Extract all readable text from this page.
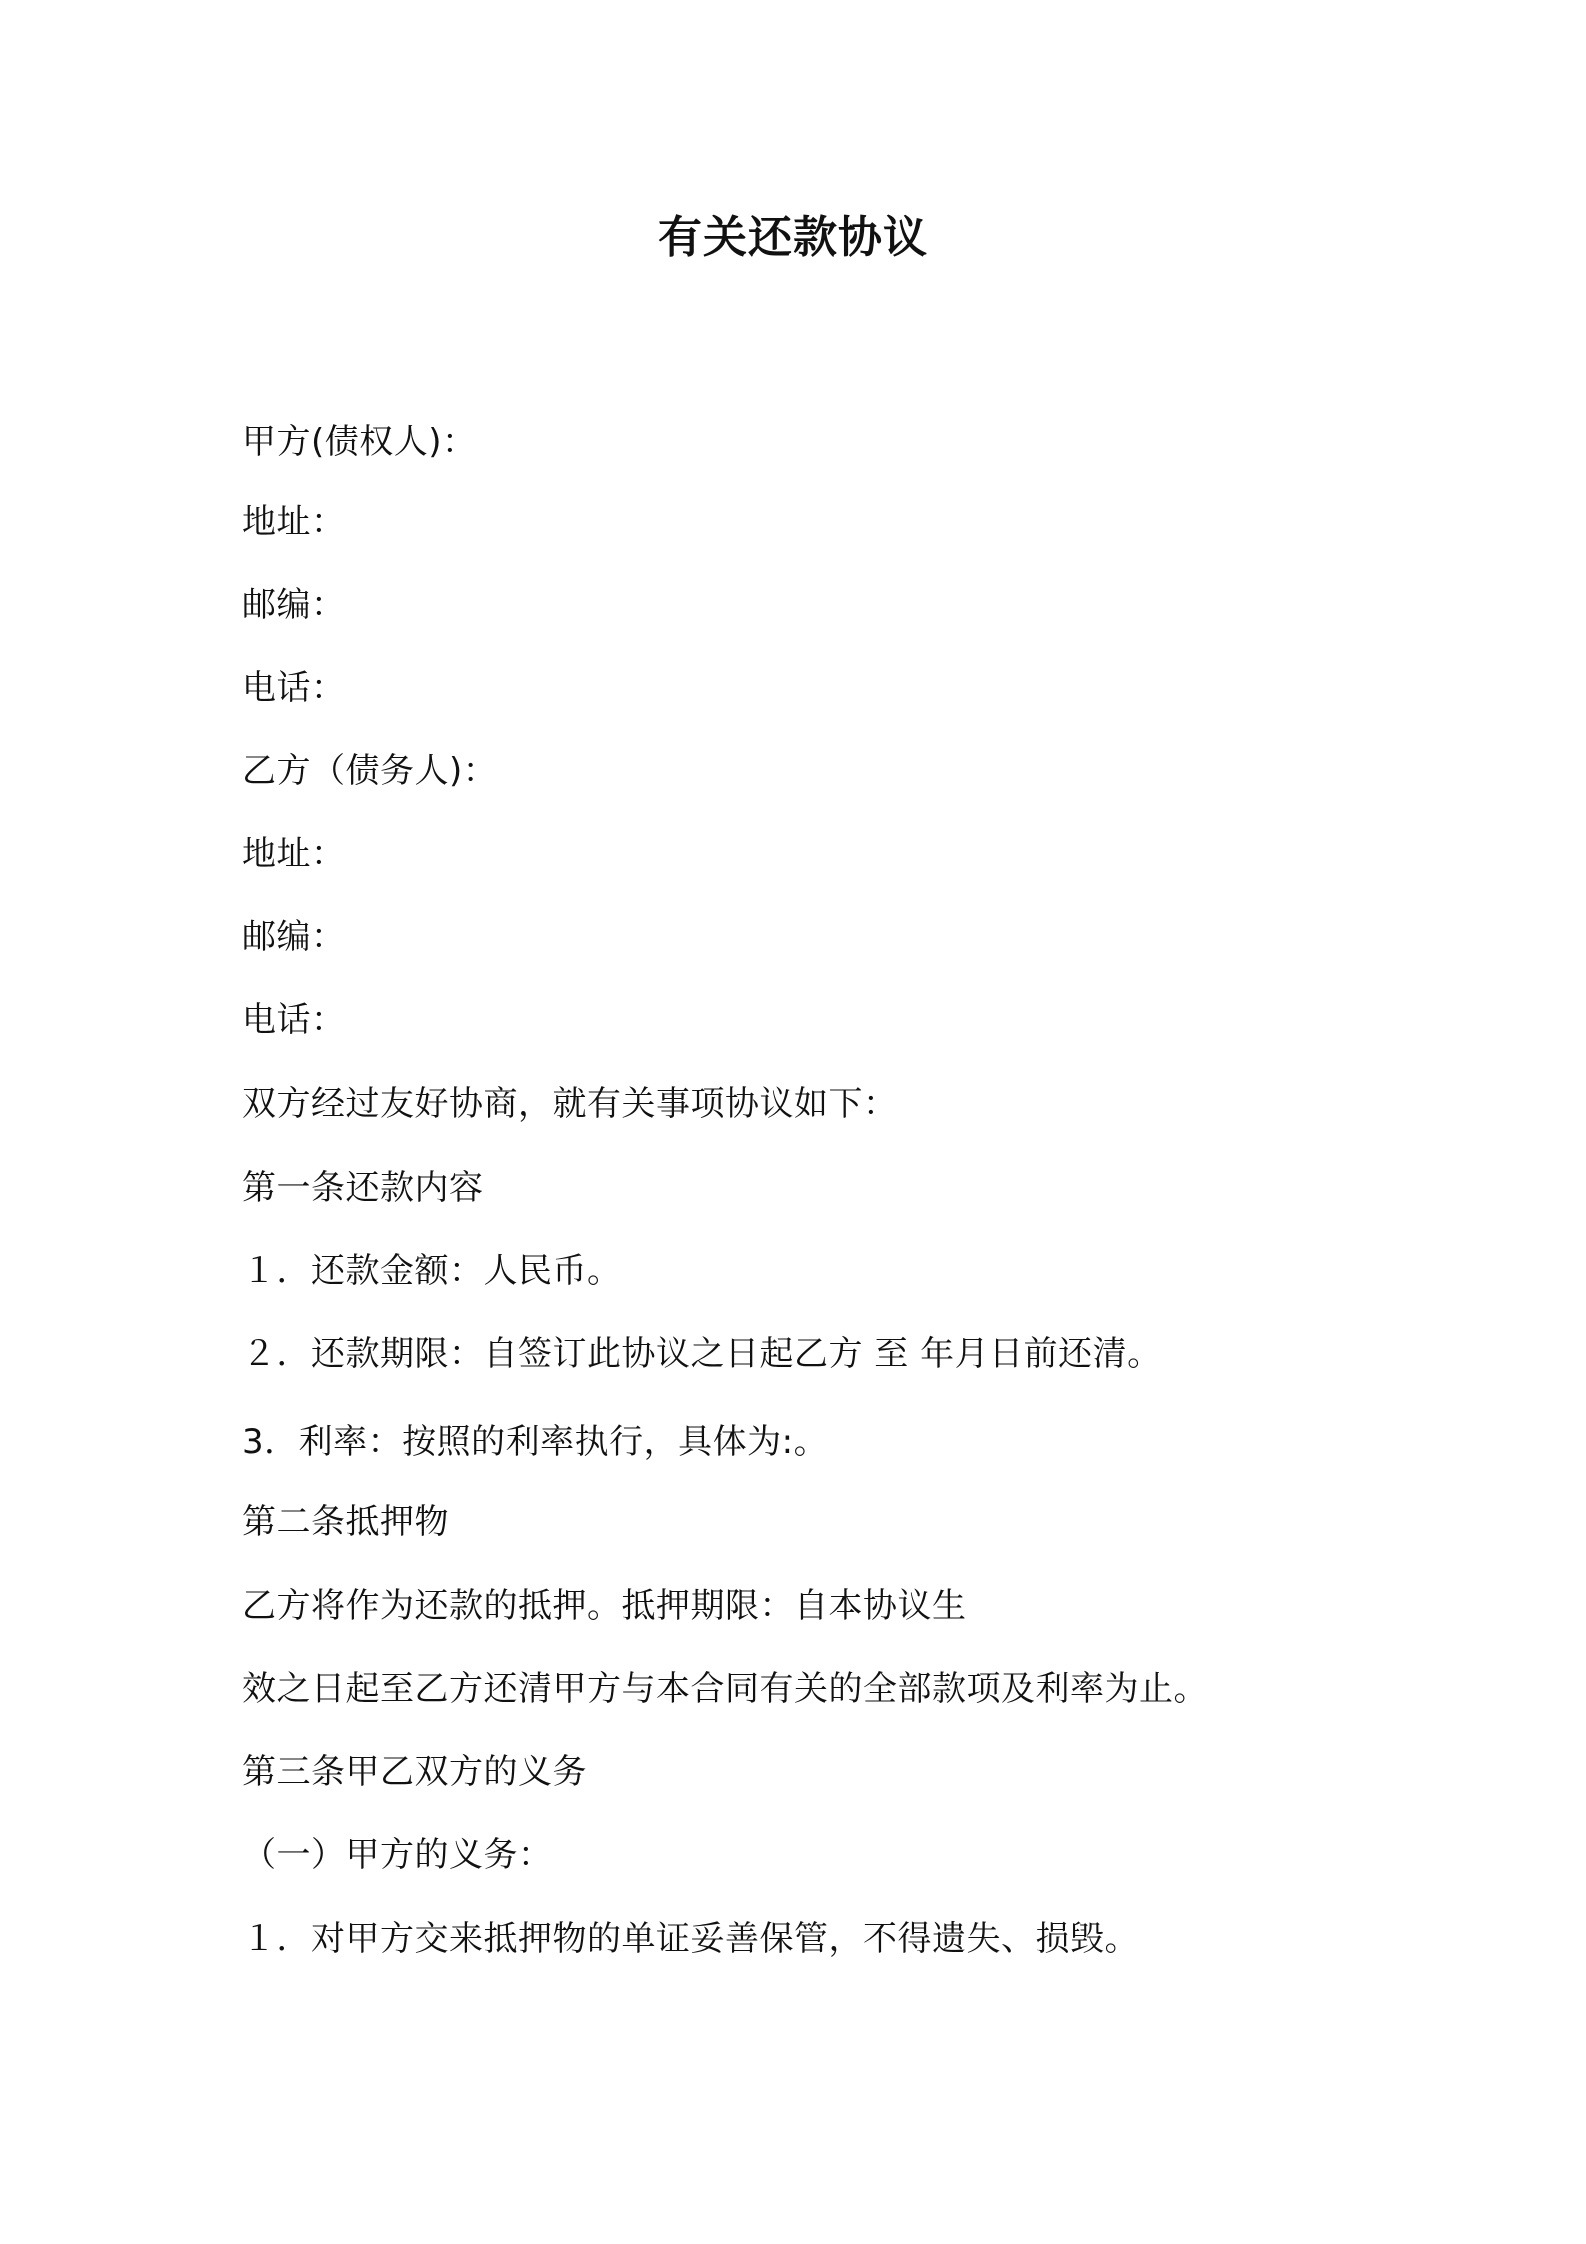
有关还款协议

甲方(债权人)：

地址：

邮编：

电话：

乙方（债务人)：

地址：

邮编：

电话：

双方经过友好协商，就有关事项协议如下：

第一条还款内容

１．还款金额：人民币。

２．还款期限：自签订此协议之日起乙方 至 年月日前还清。

3．利率：按照的利率执行，具体为:。

第二条抵押物

乙方将作为还款的抵押。抵押期限：自本协议生

效之日起至乙方还清甲方与本合同有关的全部款项及利率为止。

第三条甲乙双方的义务

（一）甲方的义务：

１．对甲方交来抵押物的单证妥善保管，不得遗失、损毁。
